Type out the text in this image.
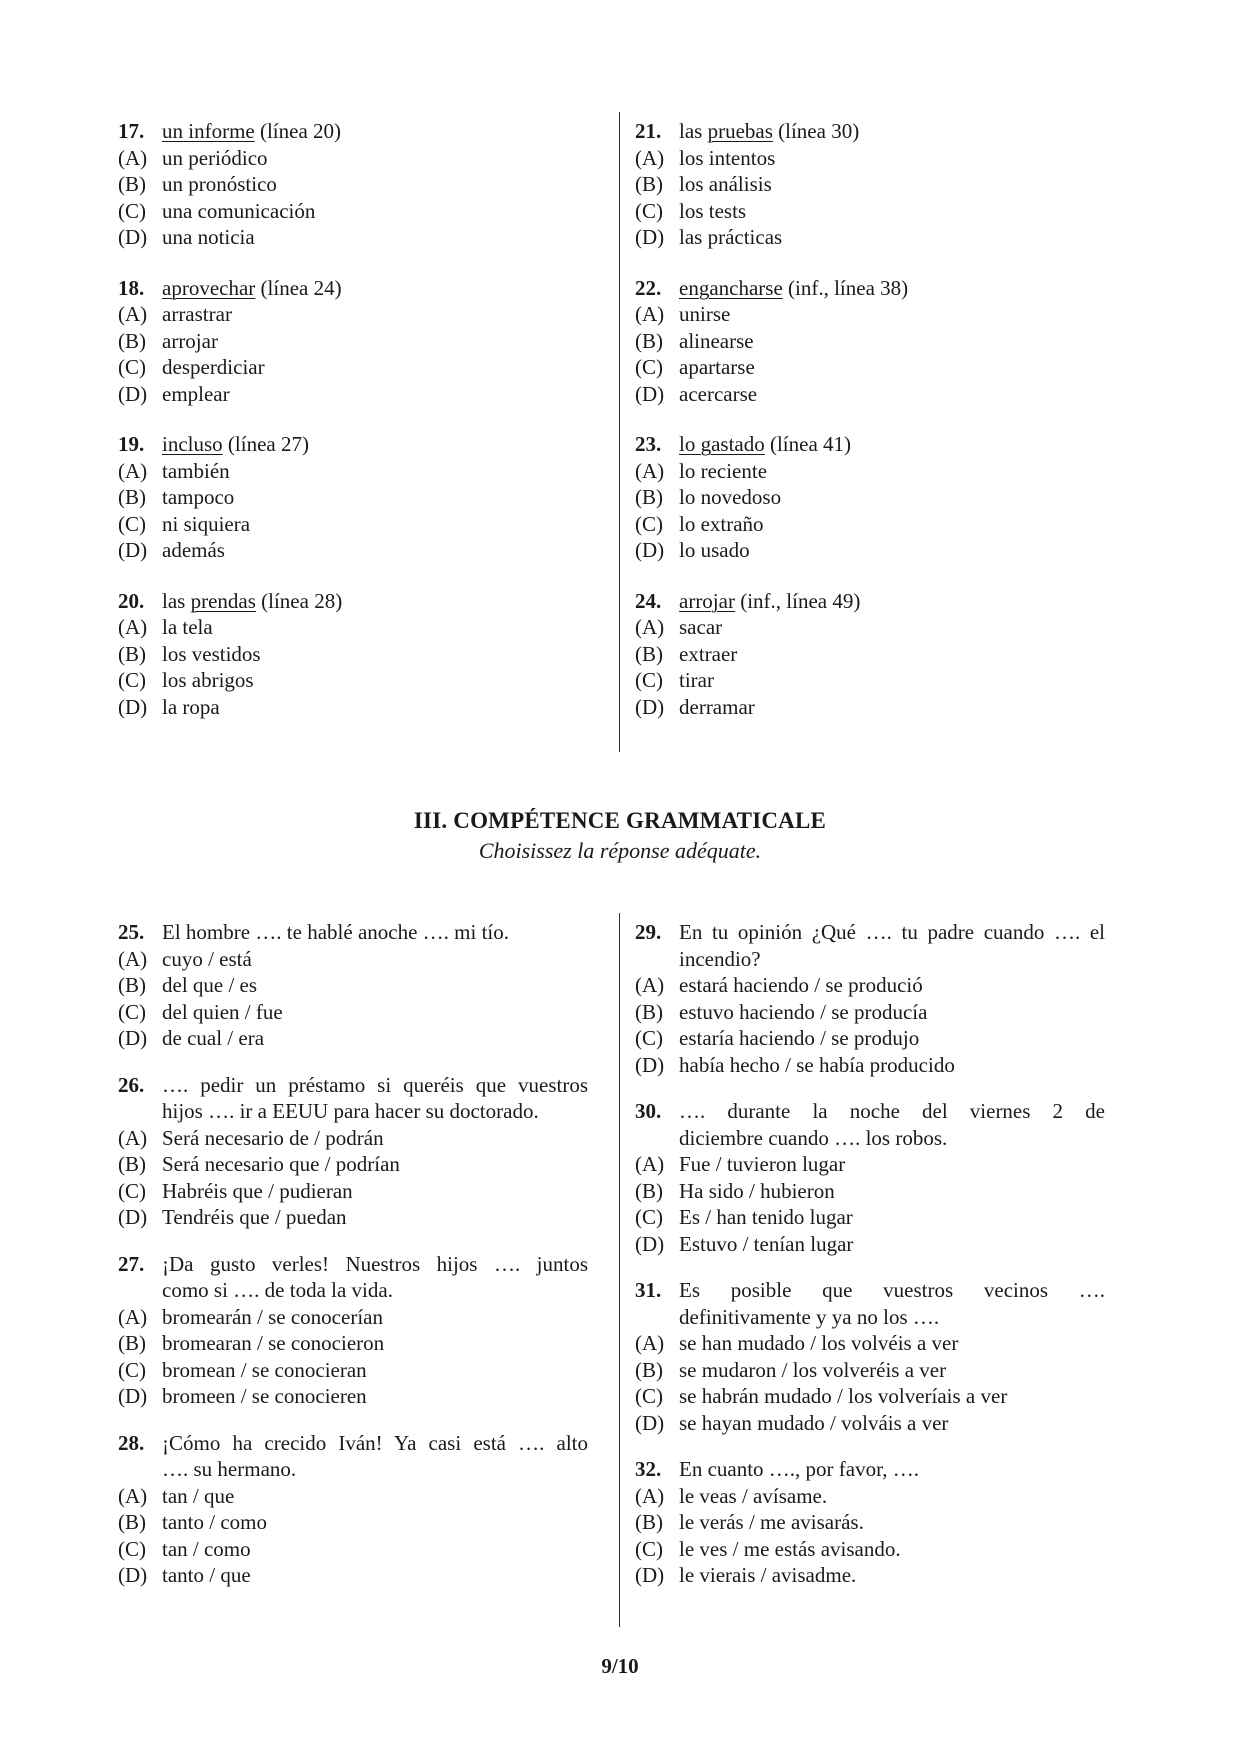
17. un informe (línea 20)
(A) un periódico
(B) un pronóstico
(C) una comunicación
(D) una noticia
18. aprovechar (línea 24)
(A) arrastrar
(B) arrojar
(C) desperdiciar
(D) emplear
19. incluso (línea 27)
(A) también
(B) tampoco
(C) ni siquiera
(D) además
20. las prendas (línea 28)
(A) la tela
(B) los vestidos
(C) los abrigos
(D) la ropa
21. las pruebas (línea 30)
(A) los intentos
(B) los análisis
(C) los tests
(D) las prácticas
22. engancharse (inf., línea 38)
(A) unirse
(B) alinearse
(C) apartarse
(D) acercarse
23. lo gastado (línea 41)
(A) lo reciente
(B) lo novedoso
(C) lo extraño
(D) lo usado
24. arrojar (inf., línea 49)
(A) sacar
(B) extraer
(C) tirar
(D) derramar
III. COMPÉTENCE GRAMMATICALE
Choisissez la réponse adéquate.
25. El hombre …. te hablé anoche …. mi tío.
(A) cuyo / está
(B) del que / es
(C) del quien / fue
(D) de cual / era
26. …. pedir un préstamo si queréis que vuestros
hijos …. ir a EEUU para hacer su doctorado.
(A) Será necesario de / podrán
(B) Será necesario que / podrían
(C) Habréis que / pudieran
(D) Tendréis que / puedan
27. ¡Da gusto verles! Nuestros hijos …. juntos
como si …. de toda la vida.
(A) bromearán / se conocerían
(B) bromearan / se conocieron
(C) bromean / se conocieran
(D) bromeen / se conocieren
28. ¡Cómo ha crecido Iván! Ya casi está …. alto
…. su hermano.
(A) tan / que
(B) tanto / como
(C) tan / como
(D) tanto / que
29. En tu opinión ¿Qué …. tu padre cuando …. el
incendio?
(A) estará haciendo / se produció
(B) estuvo haciendo / se producía
(C) estaría haciendo / se produjo
(D) había hecho / se había producido
30. …. durante la noche del viernes 2 de
diciembre cuando …. los robos.
(A) Fue / tuvieron lugar
(B) Ha sido / hubieron
(C) Es / han tenido lugar
(D) Estuvo / tenían lugar
31. Es posible que vuestros vecinos ….
definitivamente y ya no los ….
(A) se han mudado / los volvéis a ver
(B) se mudaron / los volveréis a ver
(C) se habrán mudado / los volveríais a ver
(D) se hayan mudado / volváis a ver
32. En cuanto …., por favor, ….
(A) le veas / avísame.
(B) le verás / me avisarás.
(C) le ves / me estás avisando.
(D) le vierais / avisadme.
9/10
